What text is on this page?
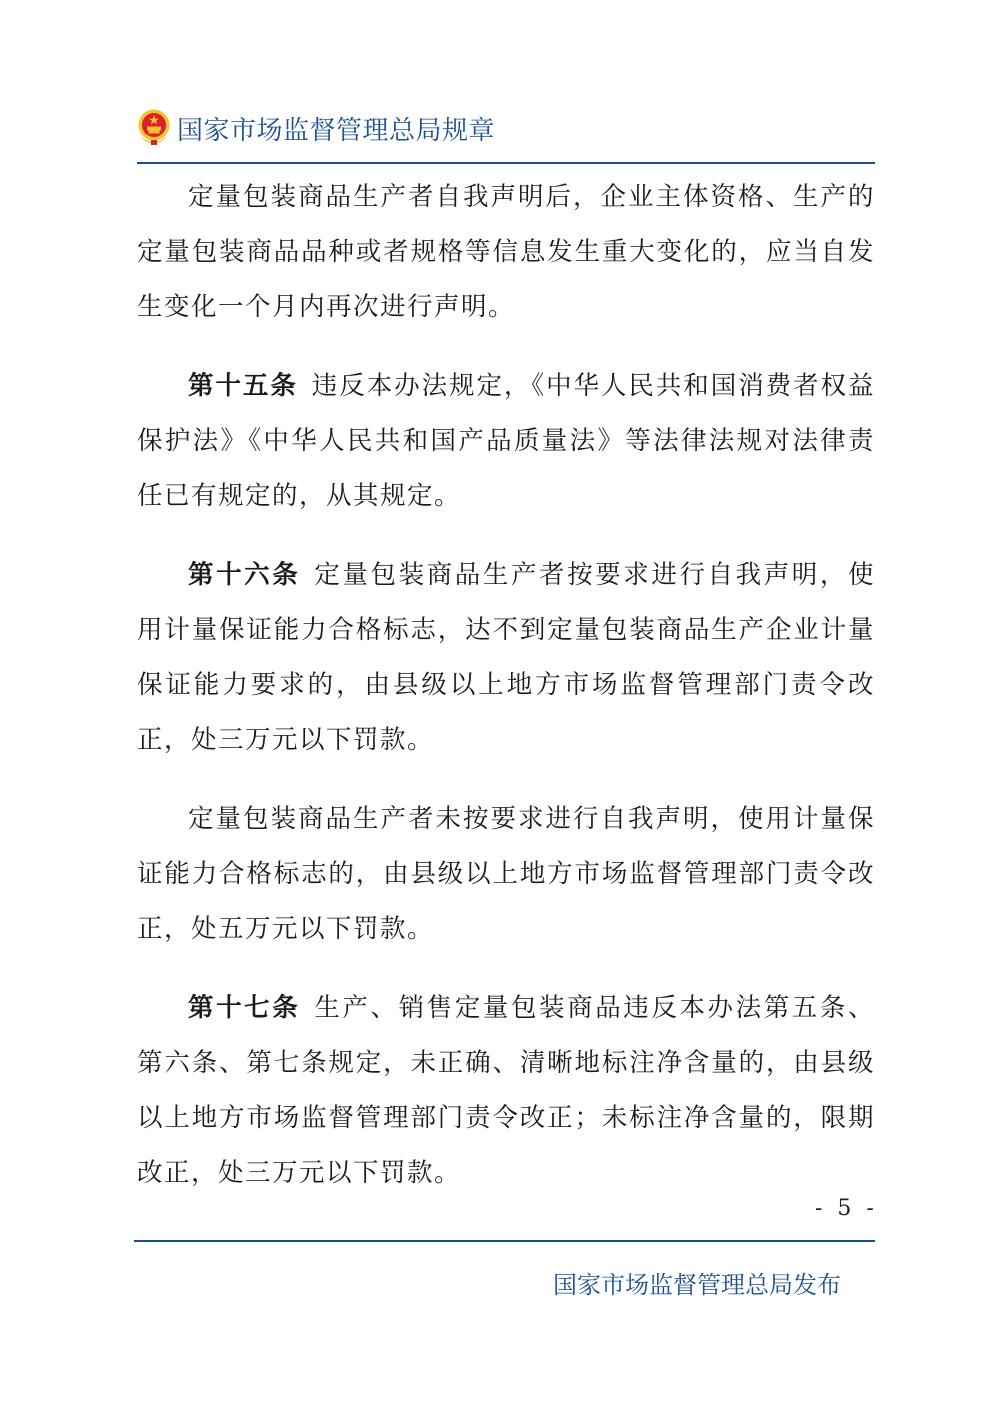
国家市场监督管理总局规章

定量包装商品生产者自我声明后，企业主体资格、生产的定量包装商品品种或者规格等信息发生重大变化的，应当自发生变化一个月内再次进行声明。

第十五条 违反本办法规定，《中华人民共和国消费者权益保护法》《中华人民共和国产品质量法》等法律法规对法律责任已有规定的，从其规定。

第十六条 定量包装商品生产者按要求进行自我声明，使用计量保证能力合格标志，达不到定量包装商品生产企业计量保证能力要求的，由县级以上地方市场监督管理部门责令改正，处三万元以下罚款。

定量包装商品生产者未按要求进行自我声明，使用计量保证能力合格标志的，由县级以上地方市场监督管理部门责令改正，处五万元以下罚款。

第十七条 生产、销售定量包装商品违反本办法第五条、第六条、第七条规定，未正确、清晰地标注净含量的，由县级以上地方市场监督管理部门责令改正；未标注净含量的，限期改正，处三万元以下罚款。

- 5 -
国家市场监督管理总局发布
